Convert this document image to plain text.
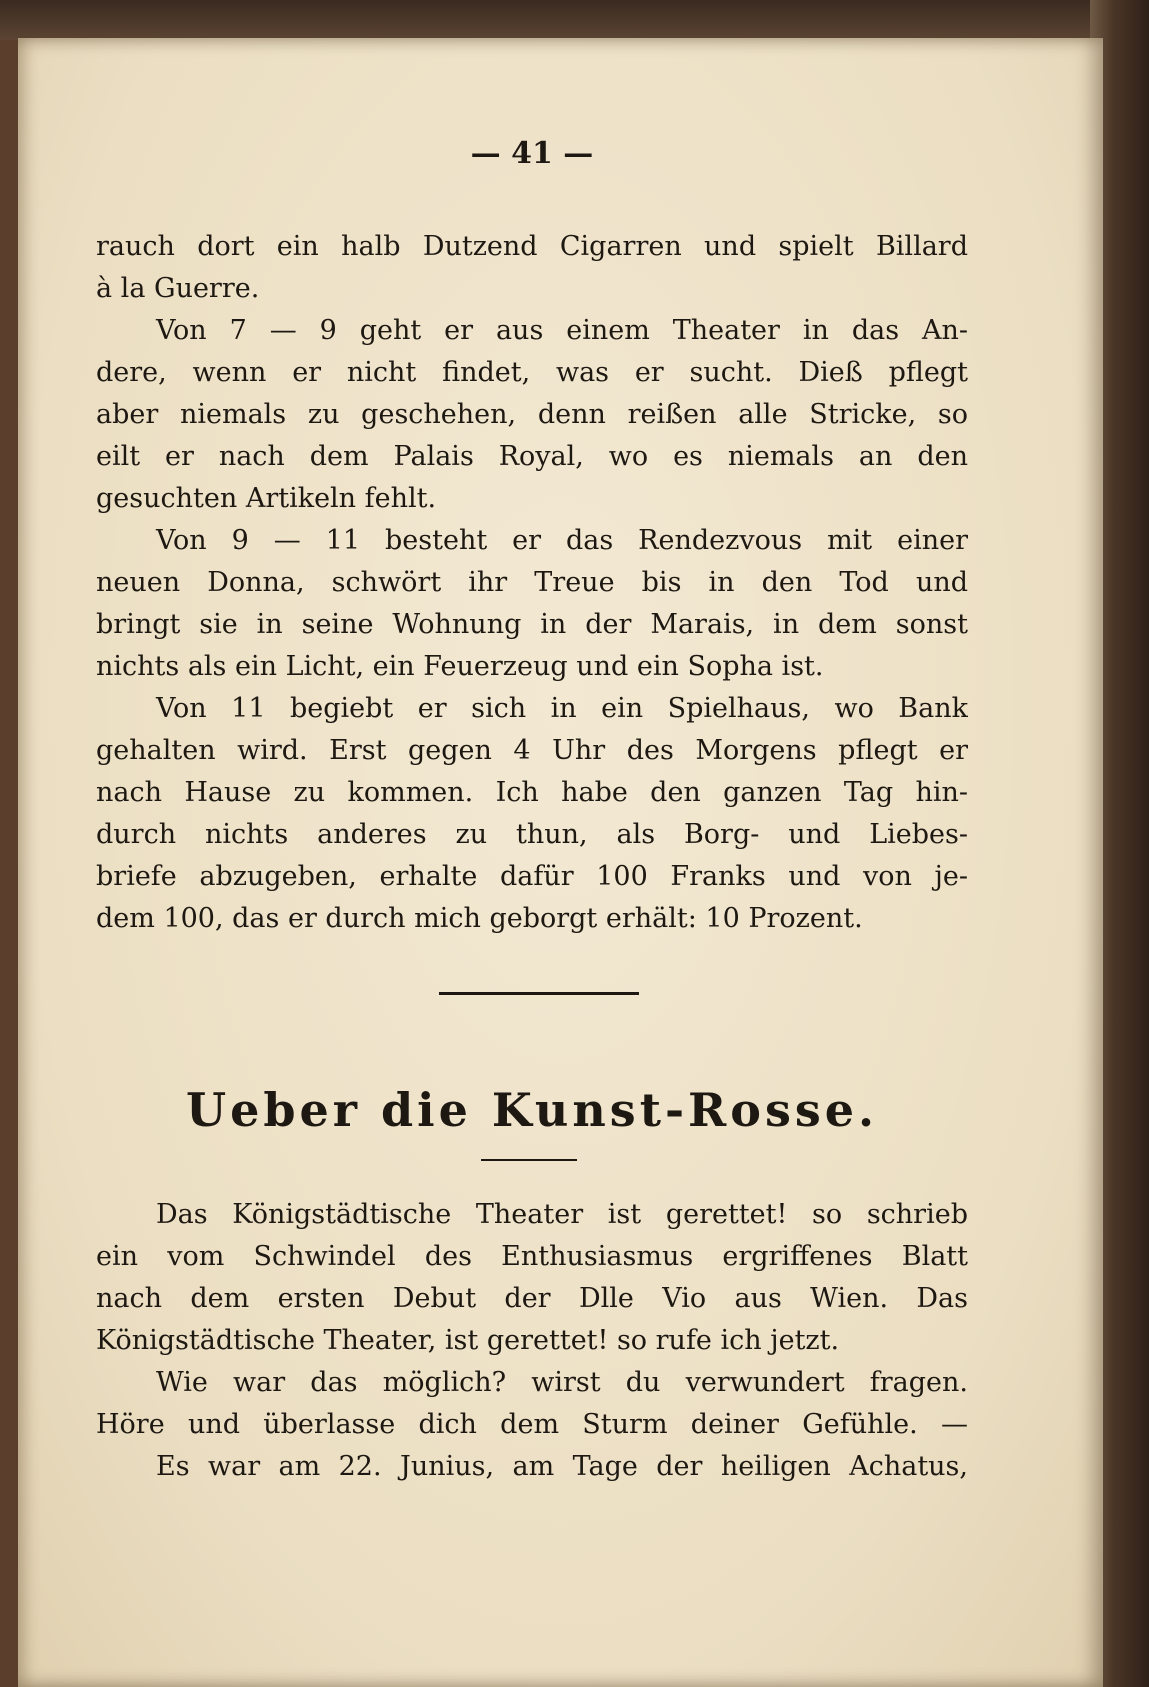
— 41 —
rauch dort ein halb Dutzend Cigarren und spielt Billard
à la Guerre.
Von 7 — 9 geht er aus einem Theater in das An-
dere, wenn er nicht findet, was er sucht. Dieß pflegt
aber niemals zu geschehen, denn reißen alle Stricke, so
eilt er nach dem Palais Royal, wo es niemals an den
gesuchten Artikeln fehlt.
Von 9 — 11 besteht er das Rendezvous mit einer
neuen Donna, schwört ihr Treue bis in den Tod und
bringt sie in seine Wohnung in der Marais, in dem sonst
nichts als ein Licht, ein Feuerzeug und ein Sopha ist.
Von 11 begiebt er sich in ein Spielhaus, wo Bank
gehalten wird. Erst gegen 4 Uhr des Morgens pflegt er
nach Hause zu kommen. Ich habe den ganzen Tag hin-
durch nichts anderes zu thun, als Borg- und Liebes-
briefe abzugeben, erhalte dafür 100 Franks und von je-
dem 100, das er durch mich geborgt erhält: 10 Prozent.
Ueber die Kunst-Rosse.
Das Königstädtische Theater ist gerettet! so schrieb
ein vom Schwindel des Enthusiasmus ergriffenes Blatt
nach dem ersten Debut der Dlle Vio aus Wien. Das
Königstädtische Theater, ist gerettet! so rufe ich jetzt.
Wie war das möglich? wirst du verwundert fragen.
Höre und überlasse dich dem Sturm deiner Gefühle. —
Es war am 22. Junius, am Tage der heiligen Achatus,
